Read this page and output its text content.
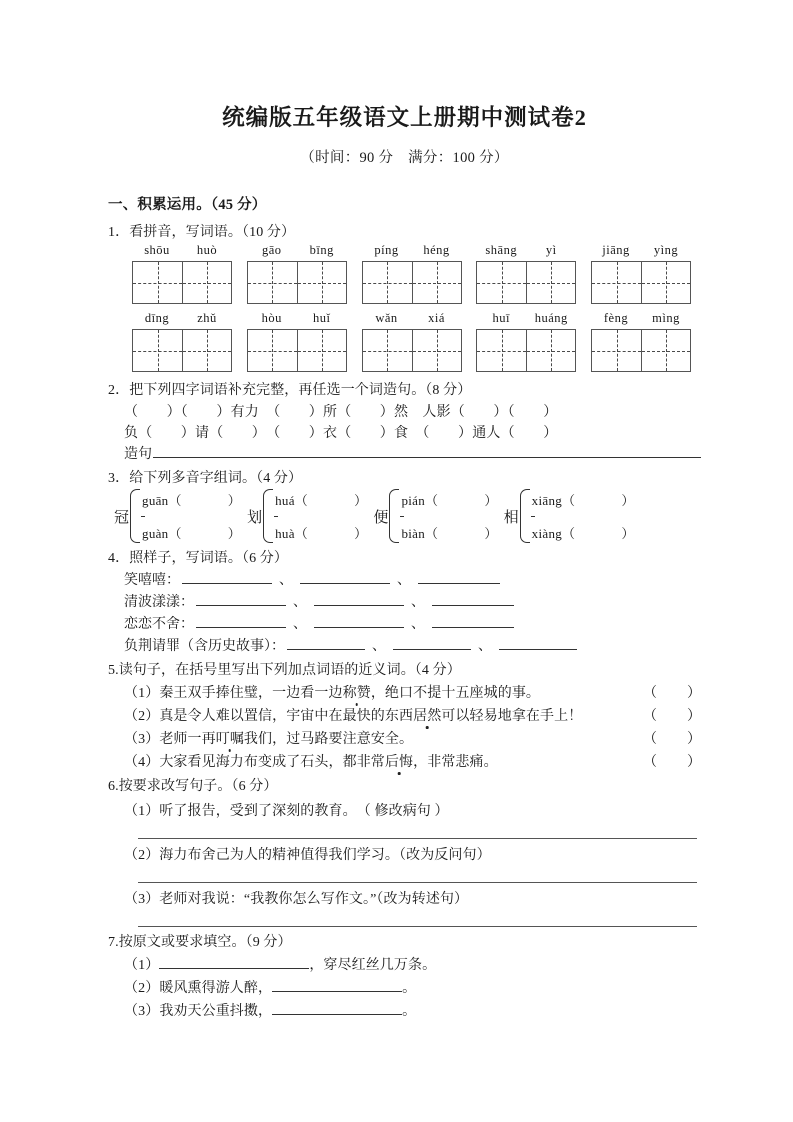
统编版五年级语文上册期中测试卷2
（时间：90 分　满分：100 分）
一、积累运用。（45 分）
1．看拼音，写词语。（10 分）
shōu huò	gāo bīng	píng héng	shāng yì	jiāng yìng
dīng zhǔ	hòu huǐ	wǎn xiá	huī huáng	fèng mìng
2．把下列四字词语补充完整，再任选一个词造句。（8 分）
（　　）（　　）有力　（　　）所（　　）然　人影（　　）（　　）
负（　　）请（　　）　（　　）衣（　　）食　（　　）通人（　　）
造句
3．给下列多音字组词。（4 分）
冠
guān（	）
guàn（	）
划
huá（	）
huà（	）
便
pián（	）
biàn（	）
相
xiāng（	）
xiàng（	）
4．照样子，写词语。（6 分）
笑嘻嘻：	、	、
清波漾漾：	、	、
恋恋不舍：	、	、
负荆请罪（含历史故事）：	、	、
5.读句子，在括号里写出下列加点词语的近义词。（4 分）
（1）秦王双手捧住璧，一边看一边称赞，绝口不提十五座城的事。	（ ）
（2）真是令人难以置信，宇宙中在最快的东西居然可以轻易地拿在手上！	（ ）
（3）老师一再叮嘱我们，过马路要注意安全。	（ ）
（4）大家看见海力布变成了石头，都非常后悔，非常悲痛。	（ ）
6.按要求改写句子。（6 分）
（1）听了报告，受到了深刻的教育。　（ 修改病句 ）
（2）海力布舍己为人的精神值得我们学习。（改为反问句）
（3）老师对我说：“我教你怎么写作文。”（改为转述句）
7.按原文或要求填空。（9 分）
（1）	，穿尽红丝几万条。
（2）暖风熏得游人醉，	。
（3）我劝天公重抖擞，	。
